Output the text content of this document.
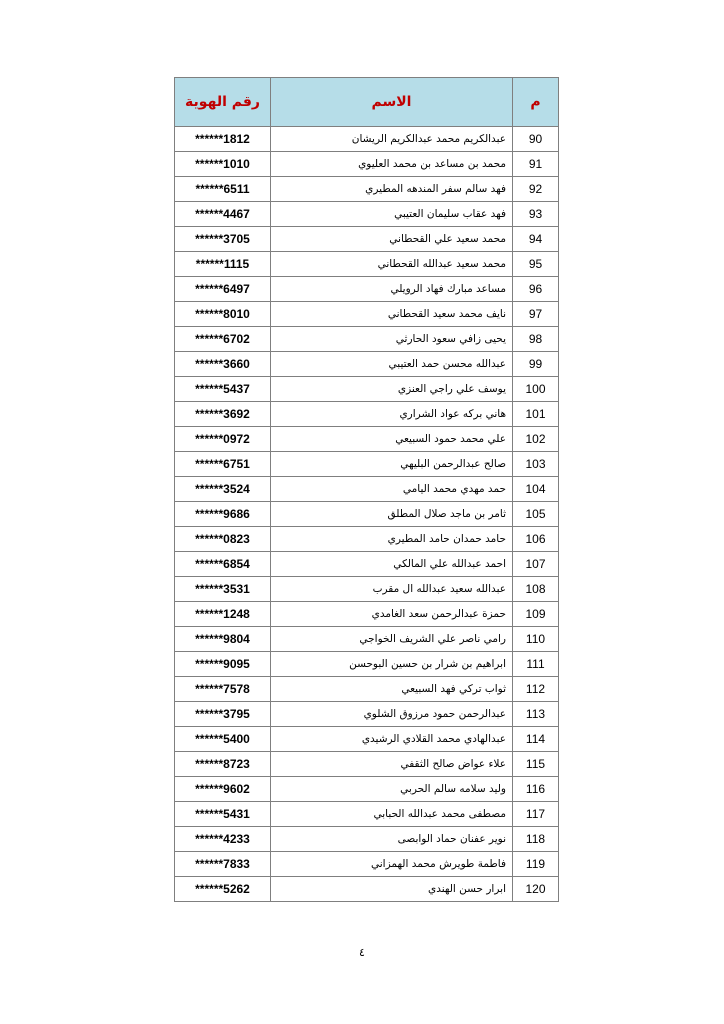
م	الاسم	رقم الهوية
90	عبدالكريم محمد عبدالكريم الريشان	******1812
91	محمد بن مساعد بن محمد العليوي	******1010
92	فهد سالم سفر المندهه المطيري	******6511
93	فهد عقاب سليمان العتيبي	******4467
94	محمد سعيد علي القحطاني	******3705
95	محمد سعيد عبدالله القحطاني	******1115
96	مساعد مبارك فهاد الرويلي	******6497
97	نايف محمد سعيد القحطاني	******8010
98	يحيى زافي سعود الحارثي	******6702
99	عبدالله محسن حمد العتيبي	******3660
100	يوسف علي راجي العنزي	******5437
101	هاني بركه عواد الشراري	******3692
102	علي محمد حمود السبيعي	******0972
103	صالح عبدالرحمن البليهي	******6751
104	حمد مهدي محمد اليامي	******3524
105	ثامر بن ماجد صلال المطلق	******9686
106	حامد حمدان حامد المطيري	******0823
107	احمد عبدالله علي المالكي	******6854
108	عبدالله سعيد عبدالله ال مقرب	******3531
109	حمزة عبدالرحمن سعد الغامدي	******1248
110	رامي ناصر علي الشريف الخواجي	******9804
111	ابراهيم بن شرار بن حسين البوحسن	******9095
112	ثواب تركي فهد السبيعي	******7578
113	عبدالرحمن حمود مرزوق الشلوي	******3795
114	عبدالهادي محمد القلادي الرشيدي	******5400
115	علاء عواض صالح الثقفي	******8723
116	وليد سلامه سالم الحربي	******9602
117	مصطفى محمد عبدالله الحبابي	******5431
118	نوير عفنان حماد الوابصى	******4233
119	فاطمة طويرش محمد الهمزاني	******7833
120	ابرار حسن الهندي	******5262
٤
